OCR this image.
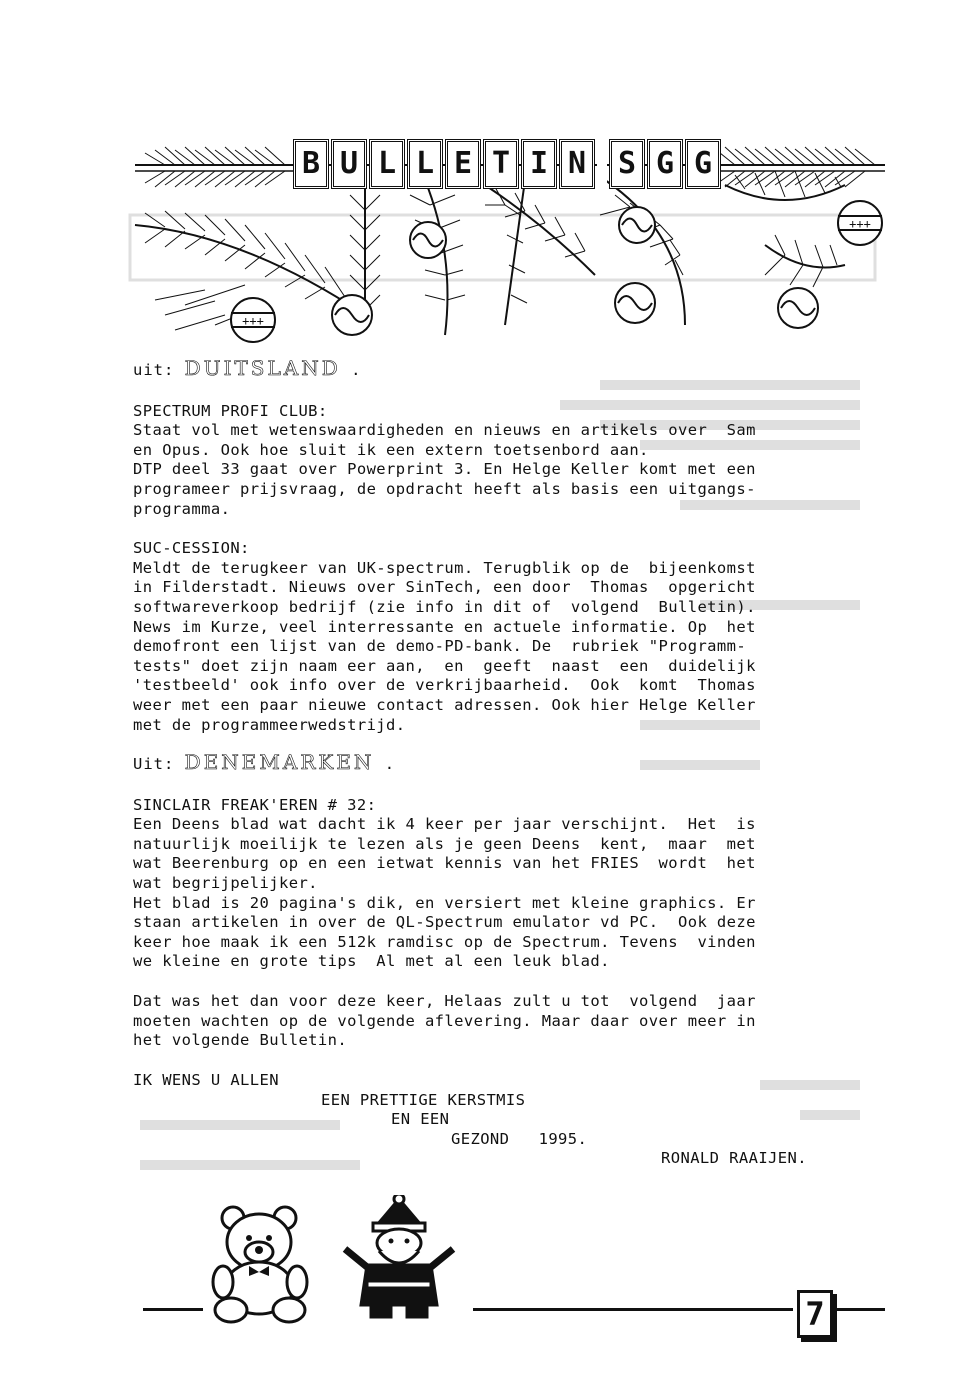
+++
+++
B U L L E T I N S G G

uit: DUITSLAND .

SPECTRUM PROFI CLUB:

Staat vol met wetenswaardigheden en nieuws en artikels over  Sam

en Opus. Ook hoe sluit ik een extern toetsenbord aan.

DTP deel 33 gaat over Powerprint 3. En Helge Keller komt met een

programeer prijsvraag, de opdracht heeft als basis een uitgangs-

programma.

SUC-CESSION:

Meldt de terugkeer van UK-spectrum. Terugblik op de  bijeenkomst

in Filderstadt. Nieuws over SinTech, een door  Thomas  opgericht

softwareverkoop bedrijf (zie info in dit of  volgend  Bulletin).

News im Kurze, veel interressante en actuele informatie. Op  het

demofront een lijst van de demo-PD-bank. De  rubriek "Programm-

tests" doet zijn naam eer aan,  en  geeft  naast  een  duidelijk

'testbeeld' ook info over de verkrijbaarheid.  Ook  komt  Thomas

weer met een paar nieuwe contact adressen. Ook hier Helge Keller

met de programmeerwedstrijd.

Uit: DENEMARKEN .

SINCLAIR FREAK'EREN # 32:

Een Deens blad wat dacht ik 4 keer per jaar verschijnt.  Het  is

natuurlijk moeilijk te lezen als je geen Deens  kent,  maar  met

wat Beerenburg op en een ietwat kennis van het FRIES  wordt  het

wat begrijpelijker.

Het blad is 20 pagina's dik, en versiert met kleine graphics. Er

staan artikelen in over de QL-Spectrum emulator vd PC.  Ook deze

keer hoe maak ik een 512k ramdisc op de Spectrum. Tevens  vinden

we kleine en grote tips  Al met al een leuk blad.

Dat was het dan voor deze keer, Helaas zult u tot  volgend  jaar

moeten wachten op de volgende aflevering. Maar daar over meer in

het volgende Bulletin.

IK WENS U ALLEN

EEN PRETTIGE KERSTMIS

EN EEN

GEZOND   1995.

RONALD RAAIJEN.

7
